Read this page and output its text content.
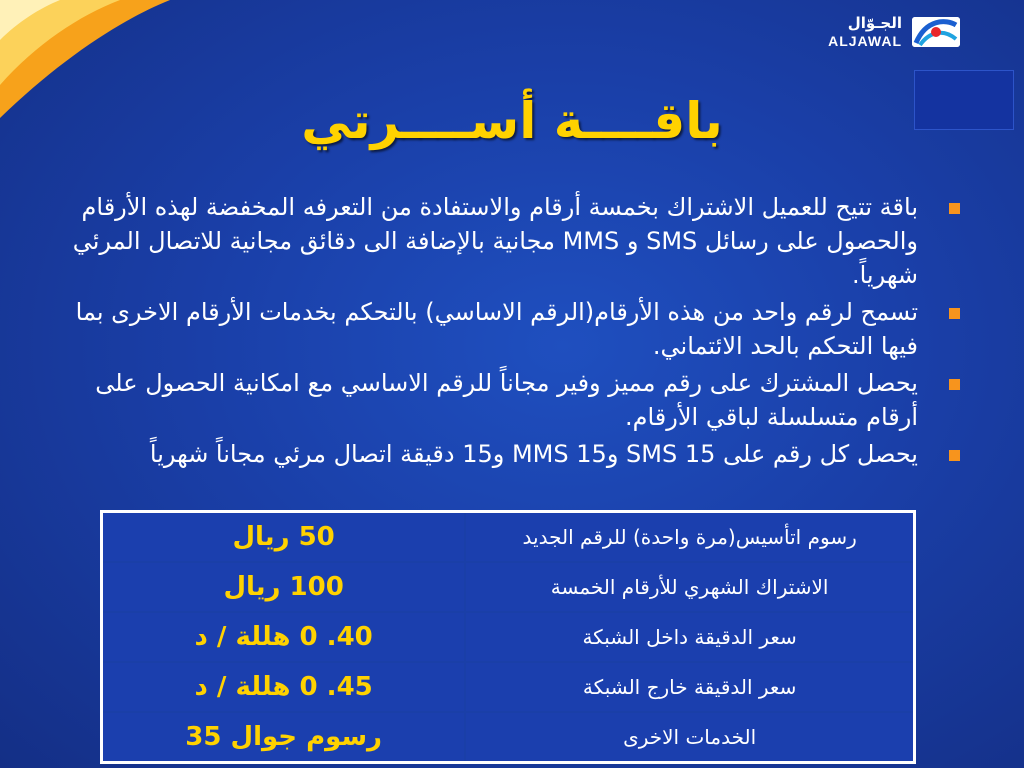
الجـوّال
ALJAWAL
باقــــة أســــرتي
باقة تتيح للعميل الاشتراك بخمسة أرقام والاستفادة من التعرفه المخفضة لهذه الأرقام والحصول على رسائل SMS و MMS مجانية بالإضافة الى دقائق مجانية للاتصال المرئي شهرياً.
تسمح لرقم واحد من هذه الأرقام(الرقم الاساسي) بالتحكم بخدمات الأرقام الاخرى بما فيها التحكم بالحد الائتماني.
يحصل المشترك على رقم مميز وفير مجاناً للرقم الاساسي مع امكانية الحصول على أرقام متسلسلة لباقي الأرقام.
يحصل كل رقم على 15 SMS و15 MMS و15 دقيقة اتصال مرئي مجاناً شهرياً
50 ريال	رسوم اتأسيس(مرة واحدة) للرقم الجديد
100 ريال	الاشتراك الشهري للأرقام الخمسة
40. 0 هللة / د	سعر الدقيقة داخل الشبكة
45. 0 هللة / د	سعر الدقيقة خارج الشبكة
رسوم جوال 35	الخدمات الاخرى
